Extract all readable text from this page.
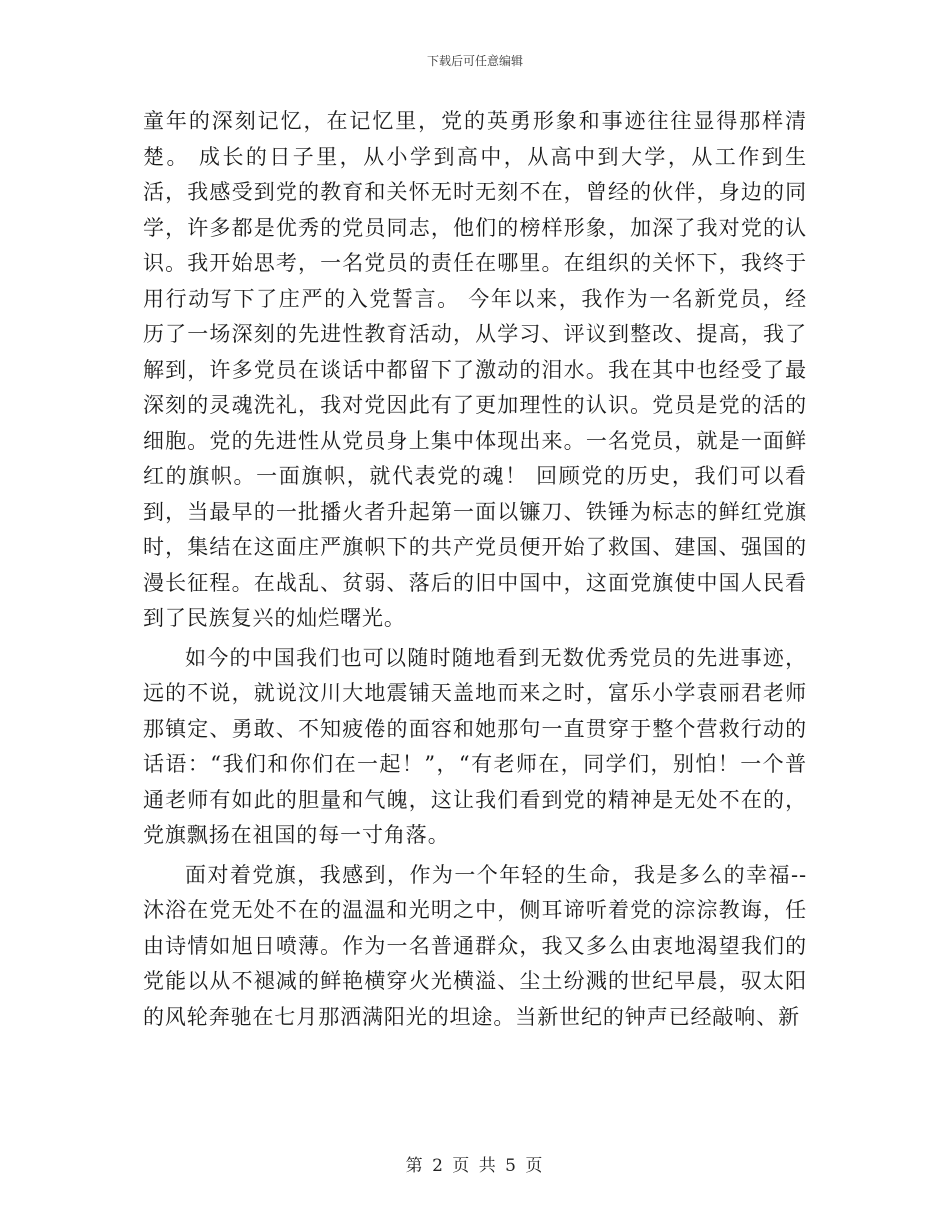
下载后可任意编辑

童年的深刻记忆，在记忆里，党的英勇形象和事迹往往显得那样清楚。 成长的日子里，从小学到高中，从高中到大学，从工作到生活，我感受到党的教育和关怀无时无刻不在，曾经的伙伴，身边的同学，许多都是优秀的党员同志，他们的榜样形象，加深了我对党的认识。我开始思考，一名党员的责任在哪里。在组织的关怀下，我终于用行动写下了庄严的入党誓言。 今年以来，我作为一名新党员，经历了一场深刻的先进性教育活动，从学习、评议到整改、提高，我了解到，许多党员在谈话中都留下了激动的泪水。我在其中也经受了最深刻的灵魂洗礼，我对党因此有了更加理性的认识。党员是党的活的细胞。党的先进性从党员身上集中体现出来。一名党员，就是一面鲜红的旗帜。一面旗帜，就代表党的魂！ 回顾党的历史，我们可以看到，当最早的一批播火者升起第一面以镰刀、铁锤为标志的鲜红党旗时，集结在这面庄严旗帜下的共产党员便开始了救国、建国、强国的漫长征程。在战乱、贫弱、落后的旧中国中，这面党旗使中国人民看到了民族复兴的灿烂曙光。

如今的中国我们也可以随时随地看到无数优秀党员的先进事迹，远的不说，就说汶川大地震铺天盖地而来之时，富乐小学袁丽君老师那镇定、勇敢、不知疲倦的面容和她那句一直贯穿于整个营救行动的话语：“我们和你们在一起！”，“有老师在，同学们，别怕！一个普通老师有如此的胆量和气魄，这让我们看到党的精神是无处不在的，党旗飘扬在祖国的每一寸角落。

面对着党旗，我感到，作为一个年轻的生命，我是多么的幸福--沐浴在党无处不在的温温和光明之中，侧耳谛听着党的淙淙教诲，任由诗情如旭日喷薄。作为一名普通群众，我又多么由衷地渴望我们的党能以从不褪减的鲜艳横穿火光横溢、尘土纷溅的世纪早晨，驭太阳的风轮奔驰在七月那洒满阳光的坦途。当新世纪的钟声已经敲响、新

第 2 页 共 5 页
